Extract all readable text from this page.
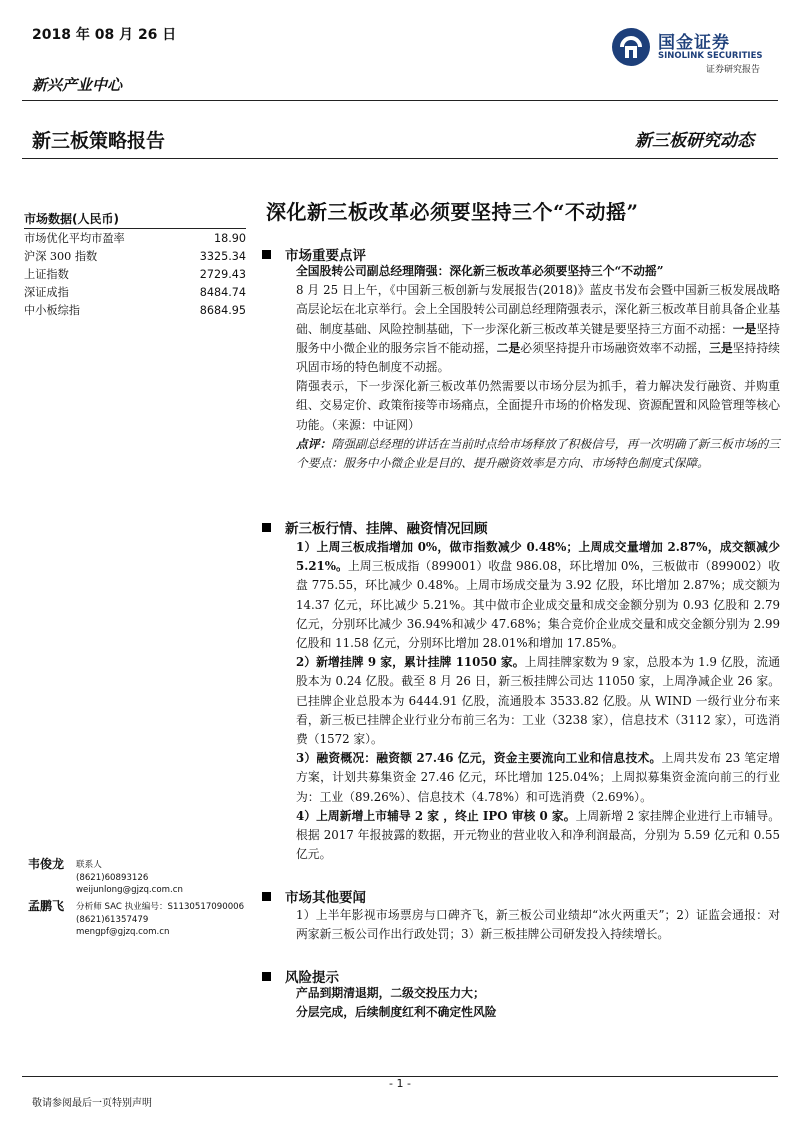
2018 年 08 月 26 日
新兴产业中心
新三板策略报告	新三板研究动态
国金证券
SINOLINK SECURITIES
证券研究报告
深化新三板改革必须要坚持三个“不动摇”
市场数据(人民币)
市场优化平均市盈率	18.90
沪深 300 指数	3325.34
上证指数	2729.43
深证成指	8484.74
中小板综指	8684.95
市场重要点评

全国股转公司副总经理隋强：深化新三板改革必须要坚持三个“不动摇”

8 月 25 日上午，《中国新三板创新与发展报告(2018)》蓝皮书发布会暨中国新三板发展战略高层论坛在北京举行。会上全国股转公司副总经理隋强表示，深化新三板改革目前具备企业基础、制度基础、风险控制基础，下一步深化新三板改革关键是要坚持三方面不动摇：一是坚持服务中小微企业的服务宗旨不能动摇，二是必须坚持提升市场融资效率不动摇，三是坚持持续巩固市场的特色制度不动摇。

隋强表示，下一步深化新三板改革仍然需要以市场分层为抓手，着力解决发行融资、并购重组、交易定价、政策衔接等市场痛点，全面提升市场的价格发现、资源配置和风险管理等核心功能。（来源：中证网）

点评：隋强副总经理的讲话在当前时点给市场释放了积极信号，再一次明确了新三板市场的三个要点：服务中小微企业是目的、提升融资效率是方向、市场特色制度式保障。

新三板行情、挂牌、融资情况回顾

1）上周三板成指增加 0%，做市指数减少 0.48%；上周成交量增加 2.87%，成交额减少 5.21%。上周三板成指（899001）收盘 986.08，环比增加 0%，三板做市（899002）收盘 775.55，环比减少 0.48%。上周市场成交量为 3.92 亿股，环比增加 2.87%；成交额为 14.37 亿元，环比减少 5.21%。其中做市企业成交量和成交金额分别为 0.93 亿股和 2.79 亿元，分别环比减少 36.94%和减少 47.68%；集合竞价企业成交量和成交金额分别为 2.99 亿股和 11.58 亿元，分别环比增加 28.01%和增加 17.85%。

2）新增挂牌 9 家，累计挂牌 11050 家。上周挂牌家数为 9 家，总股本为 1.9 亿股，流通股本为 0.24 亿股。截至 8 月 26 日，新三板挂牌公司达 11050 家，上周净减企业 26 家。已挂牌企业总股本为 6444.91 亿股，流通股本 3533.82 亿股。从 WIND 一级行业分布来看，新三板已挂牌企业行业分布前三名为：工业（3238 家），信息技术（3112 家），可选消费（1572 家）。

3）融资概况：融资额 27.46 亿元，资金主要流向工业和信息技术。上周共发布 23 笔定增方案，计划共募集资金 27.46 亿元，环比增加 125.04%；上周拟募集资金流向前三的行业为：工业（89.26%）、信息技术（4.78%）和可选消费（2.69%）。

4）上周新增上市辅导 2 家 ，终止 IPO 审核 0 家。上周新增 2 家挂牌企业进行上市辅导。根据 2017 年报披露的数据，开元物业的营业收入和净利润最高，分别为 5.59 亿元和 0.55 亿元。

市场其他要闻

1）上半年影视市场票房与口碑齐飞，新三板公司业绩却“冰火两重天”；2）证监会通报：对两家新三板公司作出行政处罚；3）新三板挂牌公司研发投入持续增长。

风险提示

产品到期清退期，二级交投压力大；

分层完成，后续制度红利不确定性风险

韦俊龙 联系人
(8621)60893126
weijunlong@gjzq.com.cn
孟鹏飞 分析师 SAC 执业编号：S1130517090006
(8621)61357479
mengpf@gjzq.com.cn
- 1 -
敬请参阅最后一页特别声明
